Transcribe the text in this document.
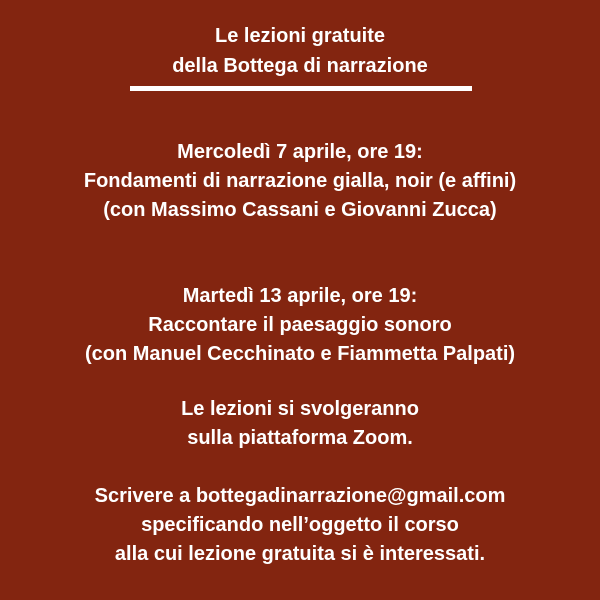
Le lezioni gratuite
della Bottega di narrazione
Mercoledì 7 aprile, ore 19:
Fondamenti di narrazione gialla, noir (e affini)
(con Massimo Cassani e Giovanni Zucca)
Martedì 13 aprile, ore 19:
Raccontare il paesaggio sonoro
(con Manuel Cecchinato e Fiammetta Palpati)
Le lezioni si svolgeranno
sulla piattaforma Zoom.
Scrivere a bottegadinarrazione@gmail.com
specificando nell’oggetto il corso
alla cui lezione gratuita si è interessati.
